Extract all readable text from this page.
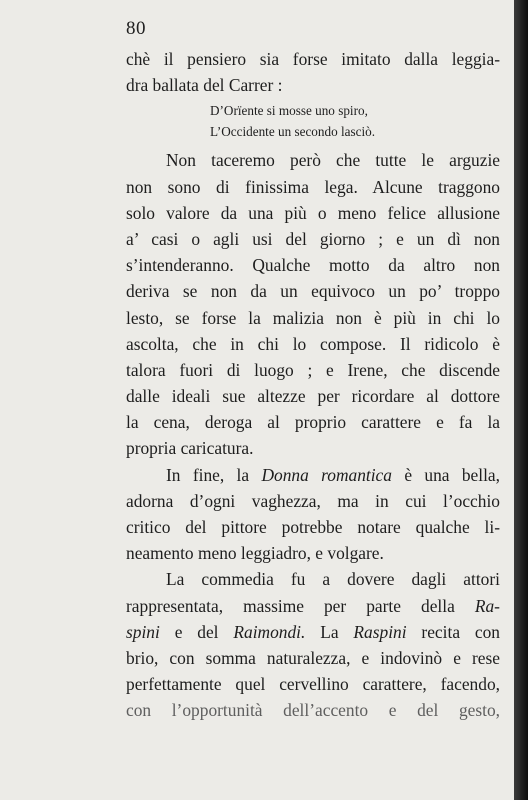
80
chè il pensiero sia forse imitato dalla leggia-
dra ballata del Carrer :
D’Orïente si mosse uno spiro,
L’Occidente un secondo lasciò.
Non taceremo però che tutte le arguzie
non sono di finissima lega. Alcune traggono
solo valore da una più o meno felice allusione
a’ casi o agli usi del giorno ; e un dì non
s’intenderanno. Qualche motto da altro non
deriva se non da un equivoco un po’ troppo
lesto, se forse la malizia non è più in chi lo
ascolta, che in chi lo compose. Il ridicolo è
talora fuori di luogo ; e Irene, che discende
dalle ideali sue altezze per ricordare al dottore
la cena, deroga al proprio carattere e fa la
propria caricatura.
In fine, la Donna romantica è una bella,
adorna d’ogni vaghezza, ma in cui l’occhio
critico del pittore potrebbe notare qualche li-
neamento meno leggiadro, e volgare.
La commedia fu a dovere dagli attori
rappresentata, massime per parte della Ra-
spini e del Raimondi. La Raspini recita con
brio, con somma naturalezza, e indovinò e rese
perfettamente quel cervellino carattere, facendo,
con l’opportunità dell’accento e del gesto,
